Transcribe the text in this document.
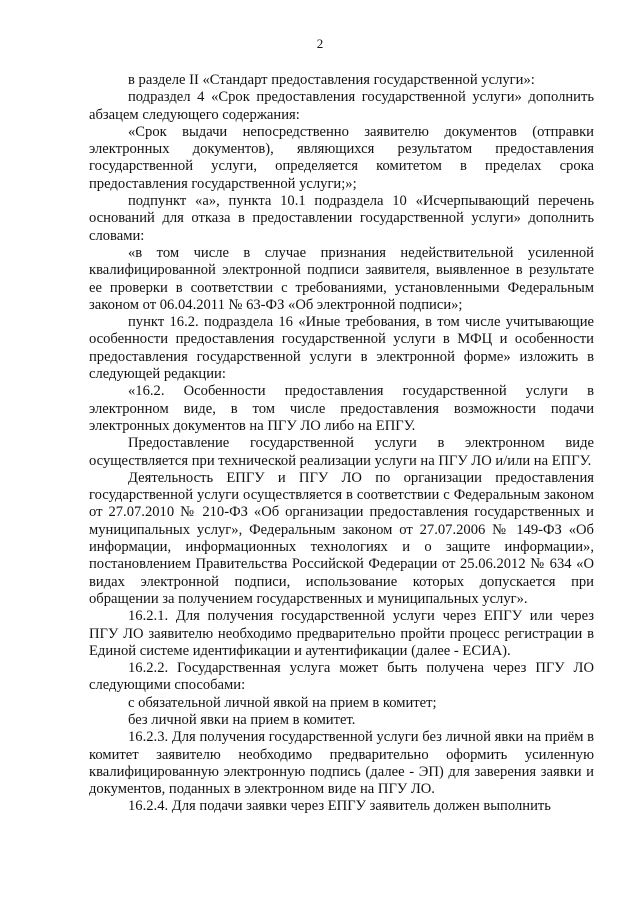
2

в разделе II «Стандарт предоставления государственной услуги»:

подраздел 4 «Срок предоставления государственной услуги» дополнить абзацем следующего содержания:

«Срок выдачи непосредственно заявителю документов (отправки электронных документов), являющихся результатом предоставления государственной услуги, определяется комитетом в пределах срока предоставления государственной услуги;»;

подпункт «а», пункта 10.1 подраздела 10 «Исчерпывающий перечень оснований для отказа в предоставлении государственной услуги» дополнить словами:

«в том числе в случае признания недействительной усиленной квалифицированной электронной подписи заявителя, выявленное в результате ее проверки в соответствии с требованиями, установленными Федеральным законом от 06.04.2011 № 63-ФЗ «Об электронной подписи»;

пункт 16.2. подраздела 16 «Иные требования, в том числе учитывающие особенности предоставления государственной услуги в МФЦ и особенности предоставления государственной услуги в электронной форме» изложить в следующей редакции:

«16.2. Особенности предоставления государственной услуги в электронном виде, в том числе предоставления возможности подачи электронных документов на ПГУ ЛО либо на ЕПГУ.

Предоставление государственной услуги в электронном виде осуществляется при технической реализации услуги на ПГУ ЛО и/или на ЕПГУ.

Деятельность ЕПГУ и ПГУ ЛО по организации предоставления государственной услуги осуществляется в соответствии с Федеральным законом от 27.07.2010 № 210-ФЗ «Об организации предоставления государственных и муниципальных услуг», Федеральным законом от 27.07.2006 № 149-ФЗ «Об информации, информационных технологиях и о защите информации», постановлением Правительства Российской Федерации от 25.06.2012 № 634 «О видах электронной подписи, использование которых допускается при обращении за получением государственных и муниципальных услуг».

16.2.1. Для получения государственной услуги через ЕПГУ или через ПГУ ЛО заявителю необходимо предварительно пройти процесс регистрации в Единой системе идентификации и аутентификации (далее - ЕСИА).

16.2.2. Государственная услуга может быть получена через ПГУ ЛО следующими способами:

с обязательной личной явкой на прием в комитет;

без личной явки на прием в комитет.

16.2.3. Для получения государственной услуги без личной явки на приём в комитет заявителю необходимо предварительно оформить усиленную квалифицированную электронную подпись (далее - ЭП) для заверения заявки и документов, поданных в электронном виде на ПГУ ЛО.

16.2.4. Для подачи заявки через ЕПГУ заявитель должен выполнить
